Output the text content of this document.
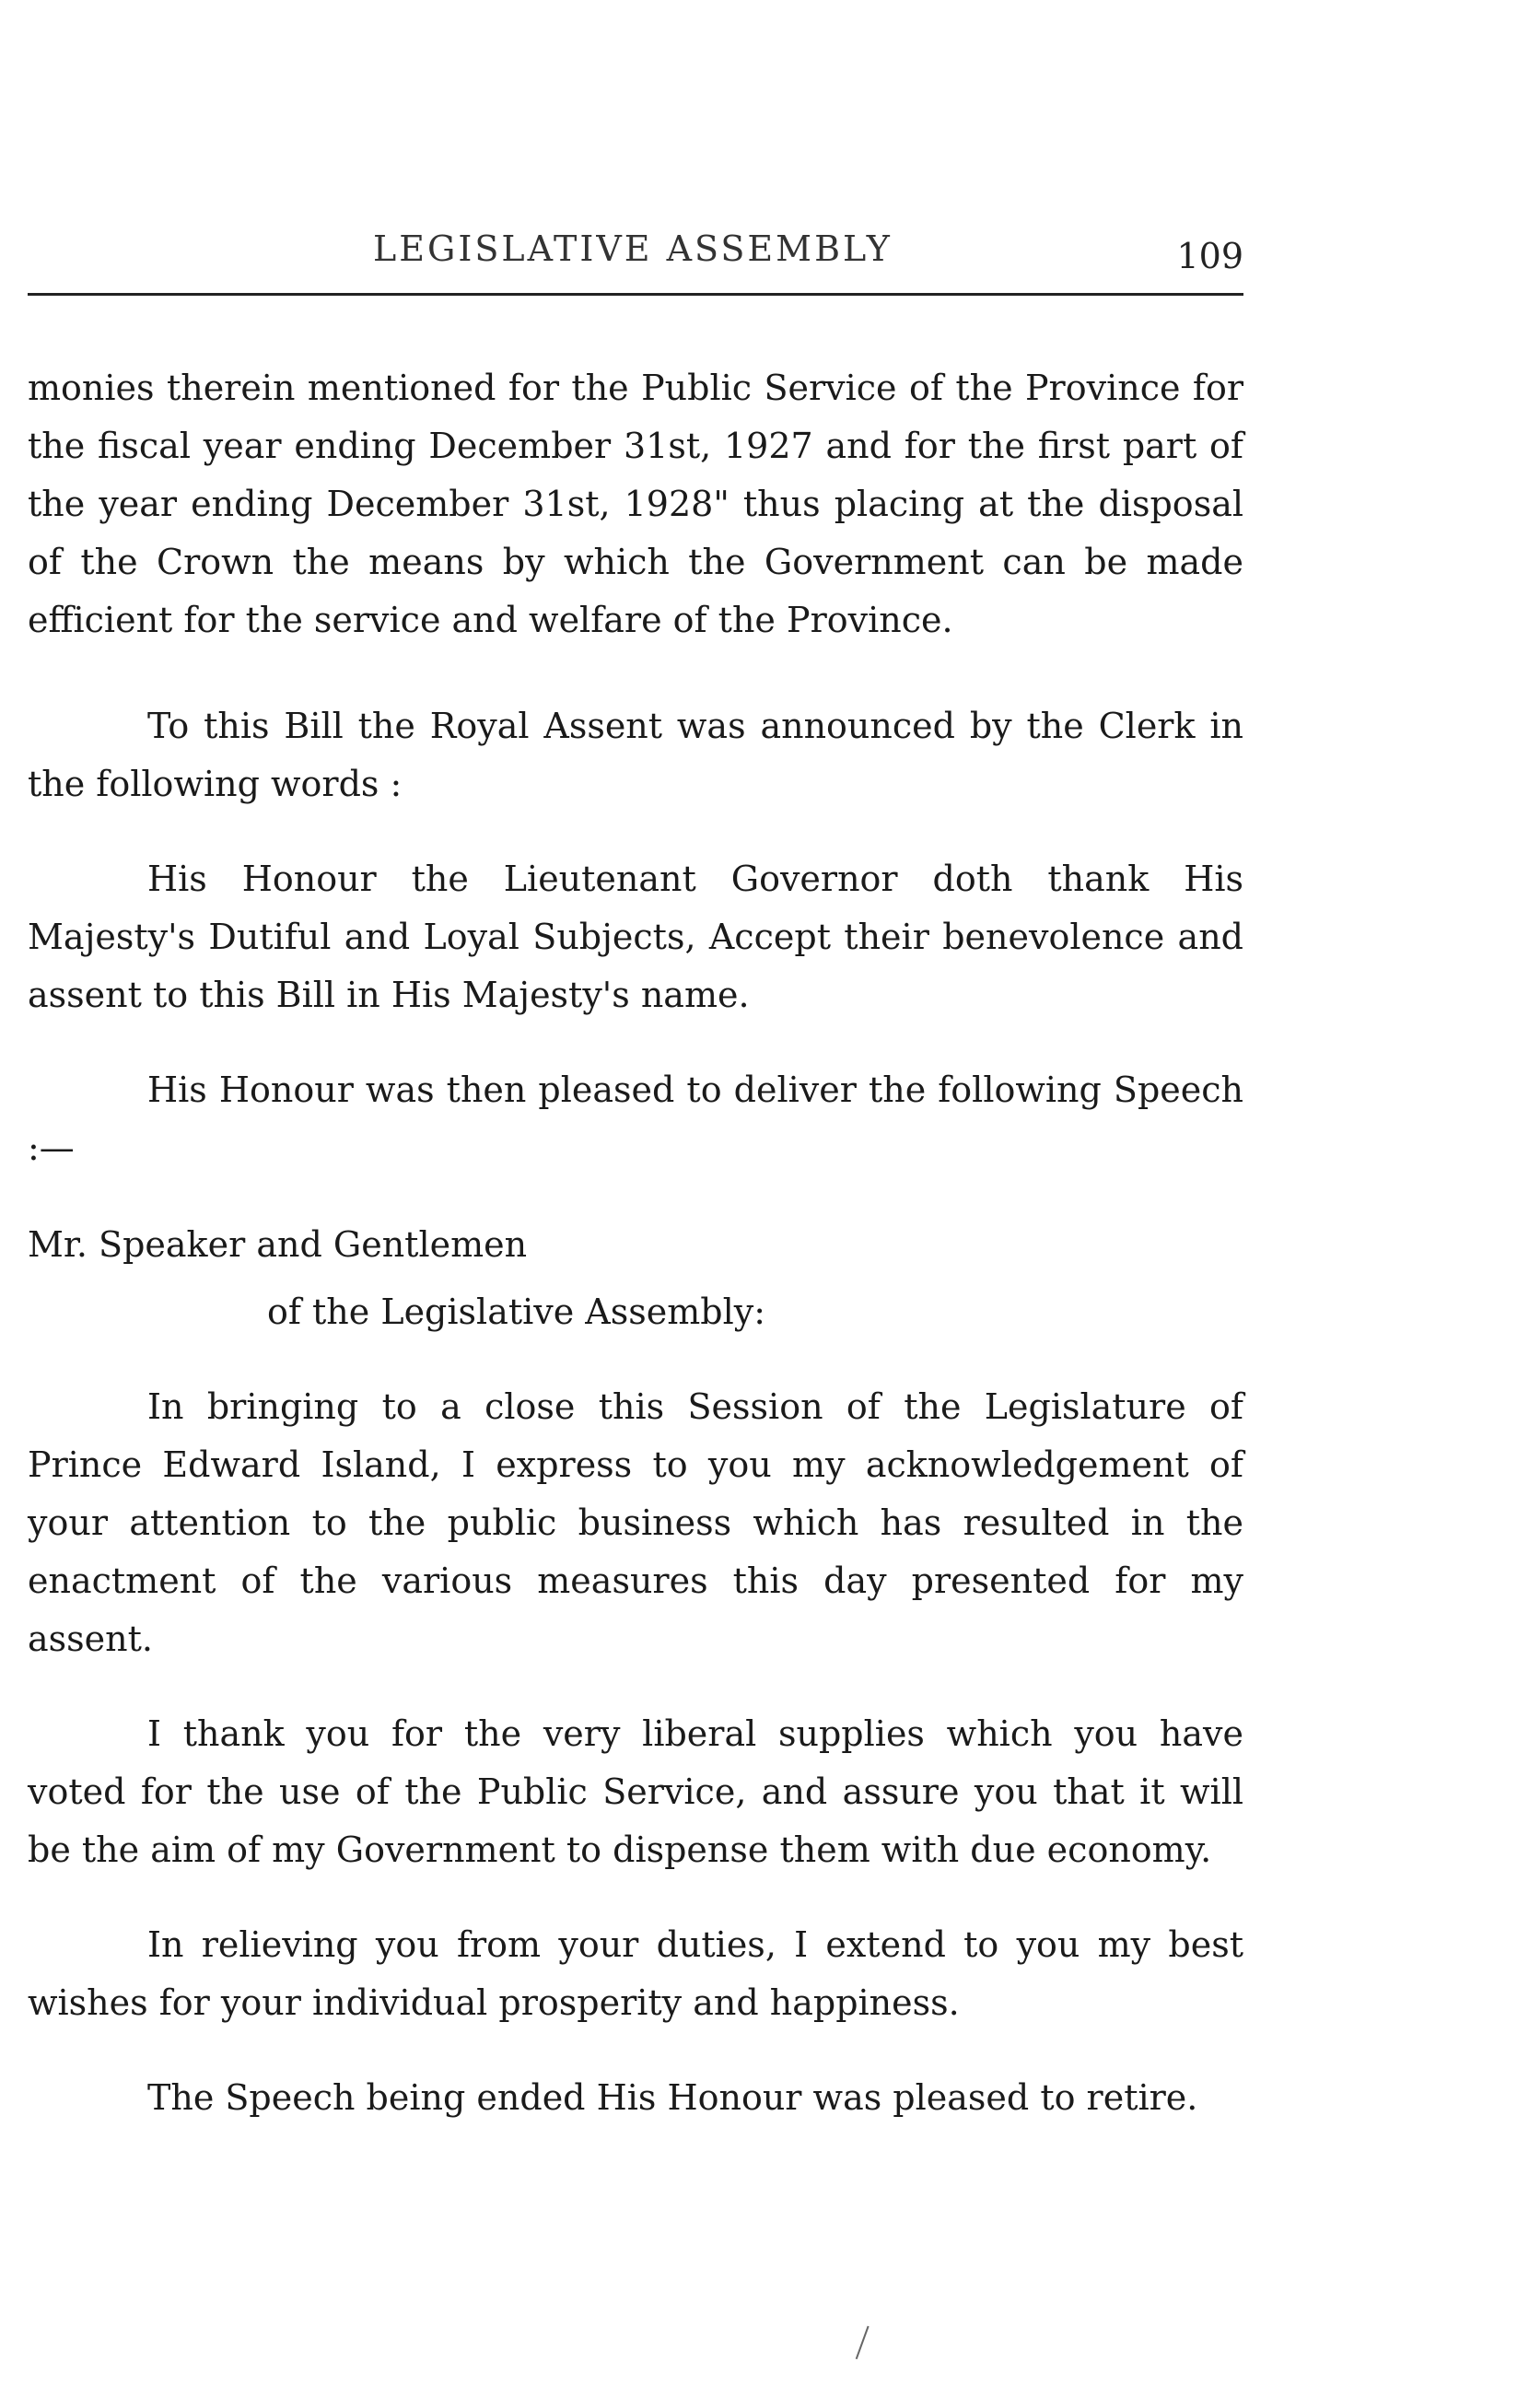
LEGISLATIVE ASSEMBLY	109

monies therein mentioned for the Public Service of the Province for the fiscal year ending December 31st, 1927 and for the first part of the year ending December 31st, 1928" thus placing at the disposal of the Crown the means by which the Government can be made efficient for the service and welfare of the Province.

To this Bill the Royal Assent was announced by the Clerk in the following words :

His Honour the Lieutenant Governor doth thank His Majesty's Dutiful and Loyal Subjects, Accept their benevolence and assent to this Bill in His Majesty's name.

His Honour was then pleased to deliver the following Speech :—

Mr. Speaker and Gentlemen

of the Legislative Assembly:

In bringing to a close this Session of the Legislature of Prince Edward Island, I express to you my acknowledgement of your attention to the public business which has resulted in the enactment of the various measures this day presented for my assent.

I thank you for the very liberal supplies which you have voted for the use of the Public Service, and assure you that it will be the aim of my Government to dispense them with due economy.

In relieving you from your duties, I extend to you my best wishes for your individual prosperity and happiness.

The Speech being ended His Honour was pleased to retire.
